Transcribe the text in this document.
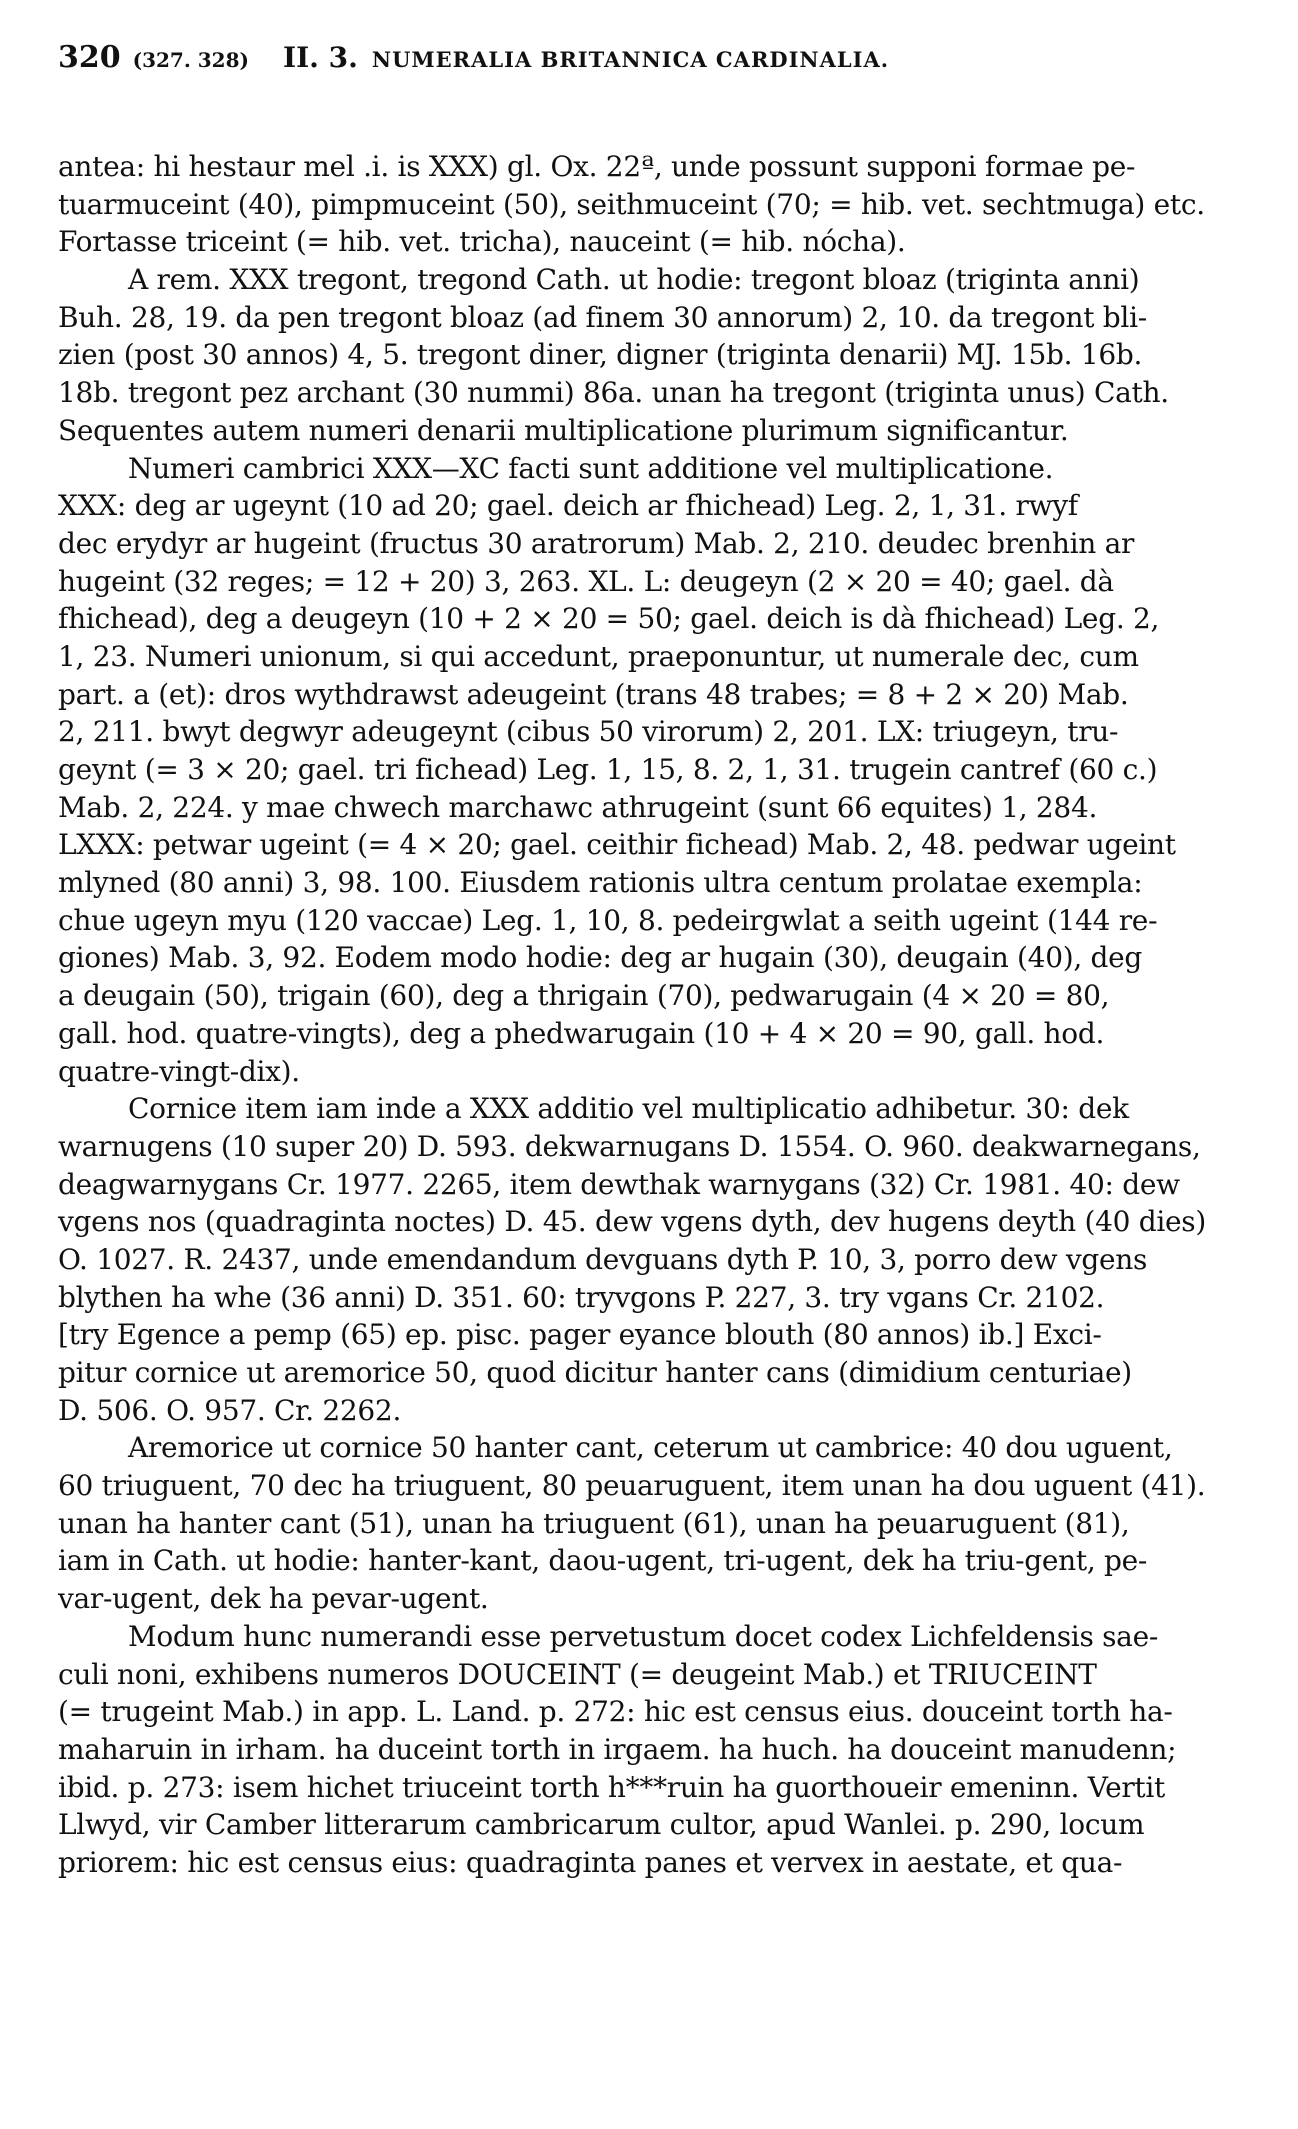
320 (327. 328) II. 3. NUMERALIA BRITANNICA CARDINALIA.
antea: hi hestaur mel .i. is XXX) gl. Ox. 22ª, unde possunt supponi formae pe-
tuarmuceint (40), pimpmuceint (50), seithmuceint (70; = hib. vet. sechtmuga) etc.
Fortasse triceint (= hib. vet. tricha), nauceint (= hib. nócha).
A rem. XXX tregont, tregond Cath. ut hodie: tregont bloaz (triginta anni)
Buh. 28, 19. da pen tregont bloaz (ad finem 30 annorum) 2, 10. da tregont bli-
zien (post 30 annos) 4, 5. tregont diner, digner (triginta denarii) MJ. 15b. 16b.
18b. tregont pez archant (30 nummi) 86a. unan ha tregont (triginta unus) Cath.
Sequentes autem numeri denarii multiplicatione plurimum significantur.
Numeri cambrici XXX—XC facti sunt additione vel multiplicatione.
XXX: deg ar ugeynt (10 ad 20; gael. deich ar fhichead) Leg. 2, 1, 31. rwyf
dec erydyr ar hugeint (fructus 30 aratrorum) Mab. 2, 210. deudec brenhin ar
hugeint (32 reges; = 12 + 20) 3, 263. XL. L: deugeyn (2 × 20 = 40; gael. dà
fhichead), deg a deugeyn (10 + 2 × 20 = 50; gael. deich is dà fhichead) Leg. 2,
1, 23. Numeri unionum, si qui accedunt, praeponuntur, ut numerale dec, cum
part. a (et): dros wythdrawst adeugeint (trans 48 trabes; = 8 + 2 × 20) Mab.
2, 211. bwyt degwyr adeugeynt (cibus 50 virorum) 2, 201. LX: triugeyn, tru-
geynt (= 3 × 20; gael. tri fichead) Leg. 1, 15, 8. 2, 1, 31. trugein cantref (60 c.)
Mab. 2, 224. y mae chwech marchawc athrugeint (sunt 66 equites) 1, 284.
LXXX: petwar ugeint (= 4 × 20; gael. ceithir fichead) Mab. 2, 48. pedwar ugeint
mlyned (80 anni) 3, 98. 100. Eiusdem rationis ultra centum prolatae exempla:
chue ugeyn myu (120 vaccae) Leg. 1, 10, 8. pedeirgwlat a seith ugeint (144 re-
giones) Mab. 3, 92. Eodem modo hodie: deg ar hugain (30), deugain (40), deg
a deugain (50), trigain (60), deg a thrigain (70), pedwarugain (4 × 20 = 80,
gall. hod. quatre-vingts), deg a phedwarugain (10 + 4 × 20 = 90, gall. hod.
quatre-vingt-dix).
Cornice item iam inde a XXX additio vel multiplicatio adhibetur. 30: dek
warnugens (10 super 20) D. 593. dekwarnugans D. 1554. O. 960. deakwarnegans,
deagwarnygans Cr. 1977. 2265, item dewthak warnygans (32) Cr. 1981. 40: dew
vgens nos (quadraginta noctes) D. 45. dew vgens dyth, dev hugens deyth (40 dies)
O. 1027. R. 2437, unde emendandum devguans dyth P. 10, 3, porro dew vgens
blythen ha whe (36 anni) D. 351. 60: tryvgons P. 227, 3. try vgans Cr. 2102.
[try Egence a pemp (65) ep. pisc. pager eyance blouth (80 annos) ib.] Exci-
pitur cornice ut aremorice 50, quod dicitur hanter cans (dimidium centuriae)
D. 506. O. 957. Cr. 2262.
Aremorice ut cornice 50 hanter cant, ceterum ut cambrice: 40 dou uguent,
60 triuguent, 70 dec ha triuguent, 80 peuaruguent, item unan ha dou uguent (41).
unan ha hanter cant (51), unan ha triuguent (61), unan ha peuaruguent (81),
iam in Cath. ut hodie: hanter-kant, daou-ugent, tri-ugent, dek ha triu-gent, pe-
var-ugent, dek ha pevar-ugent.
Modum hunc numerandi esse pervetustum docet codex Lichfeldensis sae-
culi noni, exhibens numeros DOUCEINT (= deugeint Mab.) et TRIUCEINT
(= trugeint Mab.) in app. L. Land. p. 272: hic est census eius. douceint torth ha-
maharuin in irham. ha duceint torth in irgaem. ha huch. ha douceint manudenn;
ibid. p. 273: isem hichet triuceint torth h***ruin ha guorthoueir emeninn. Vertit
Llwyd, vir Camber litterarum cambricarum cultor, apud Wanlei. p. 290, locum
priorem: hic est census eius: quadraginta panes et vervex in aestate, et qua-
